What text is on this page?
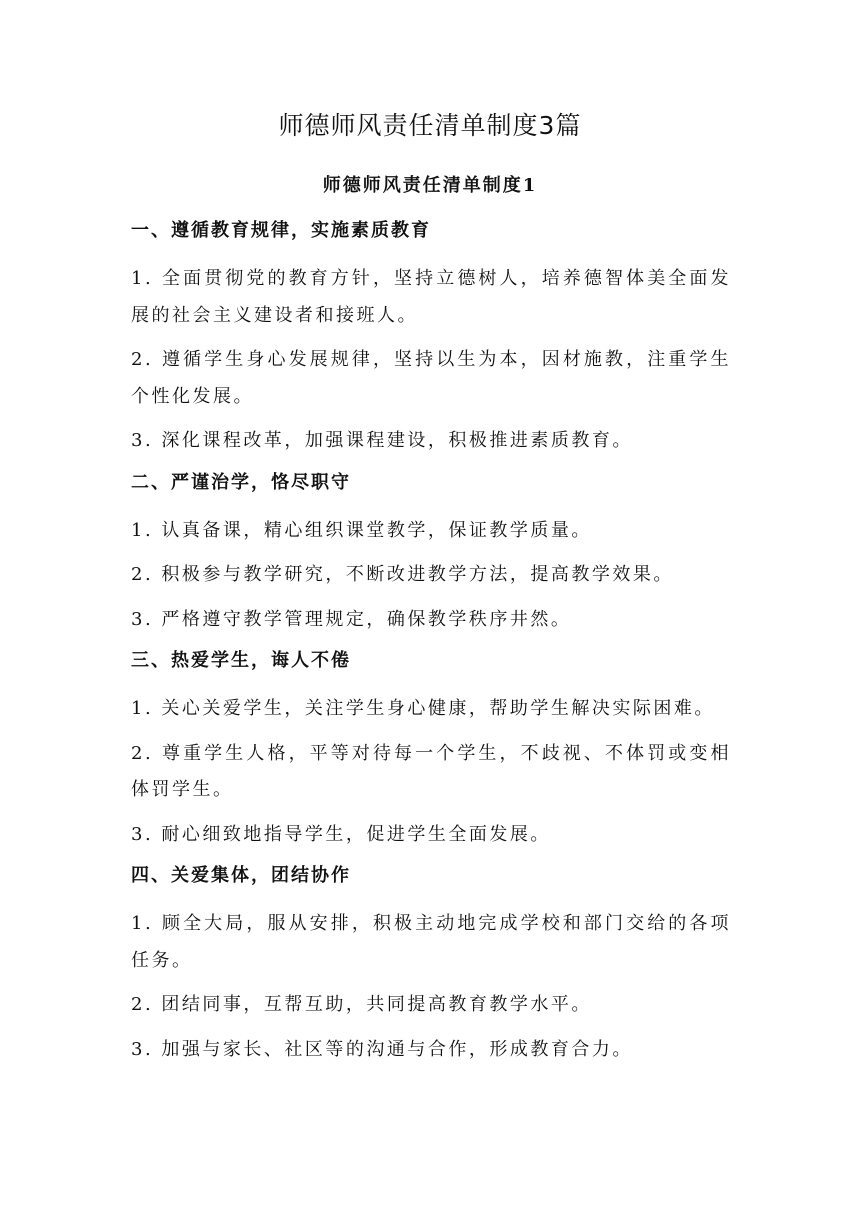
师德师风责任清单制度3篇
师德师风责任清单制度1
一、遵循教育规律，实施素质教育
1. 全面贯彻党的教育方针，坚持立德树人，培养德智体美全面发展的社会主义建设者和接班人。
2. 遵循学生身心发展规律，坚持以生为本，因材施教，注重学生个性化发展。
3. 深化课程改革，加强课程建设，积极推进素质教育。
二、严谨治学，恪尽职守
1. 认真备课，精心组织课堂教学，保证教学质量。
2. 积极参与教学研究，不断改进教学方法，提高教学效果。
3. 严格遵守教学管理规定，确保教学秩序井然。
三、热爱学生，诲人不倦
1. 关心关爱学生，关注学生身心健康，帮助学生解决实际困难。
2. 尊重学生人格，平等对待每一个学生，不歧视、不体罚或变相体罚学生。
3. 耐心细致地指导学生，促进学生全面发展。
四、关爱集体，团结协作
1. 顾全大局，服从安排，积极主动地完成学校和部门交给的各项任务。
2. 团结同事，互帮互助，共同提高教育教学水平。
3. 加强与家长、社区等的沟通与合作，形成教育合力。
